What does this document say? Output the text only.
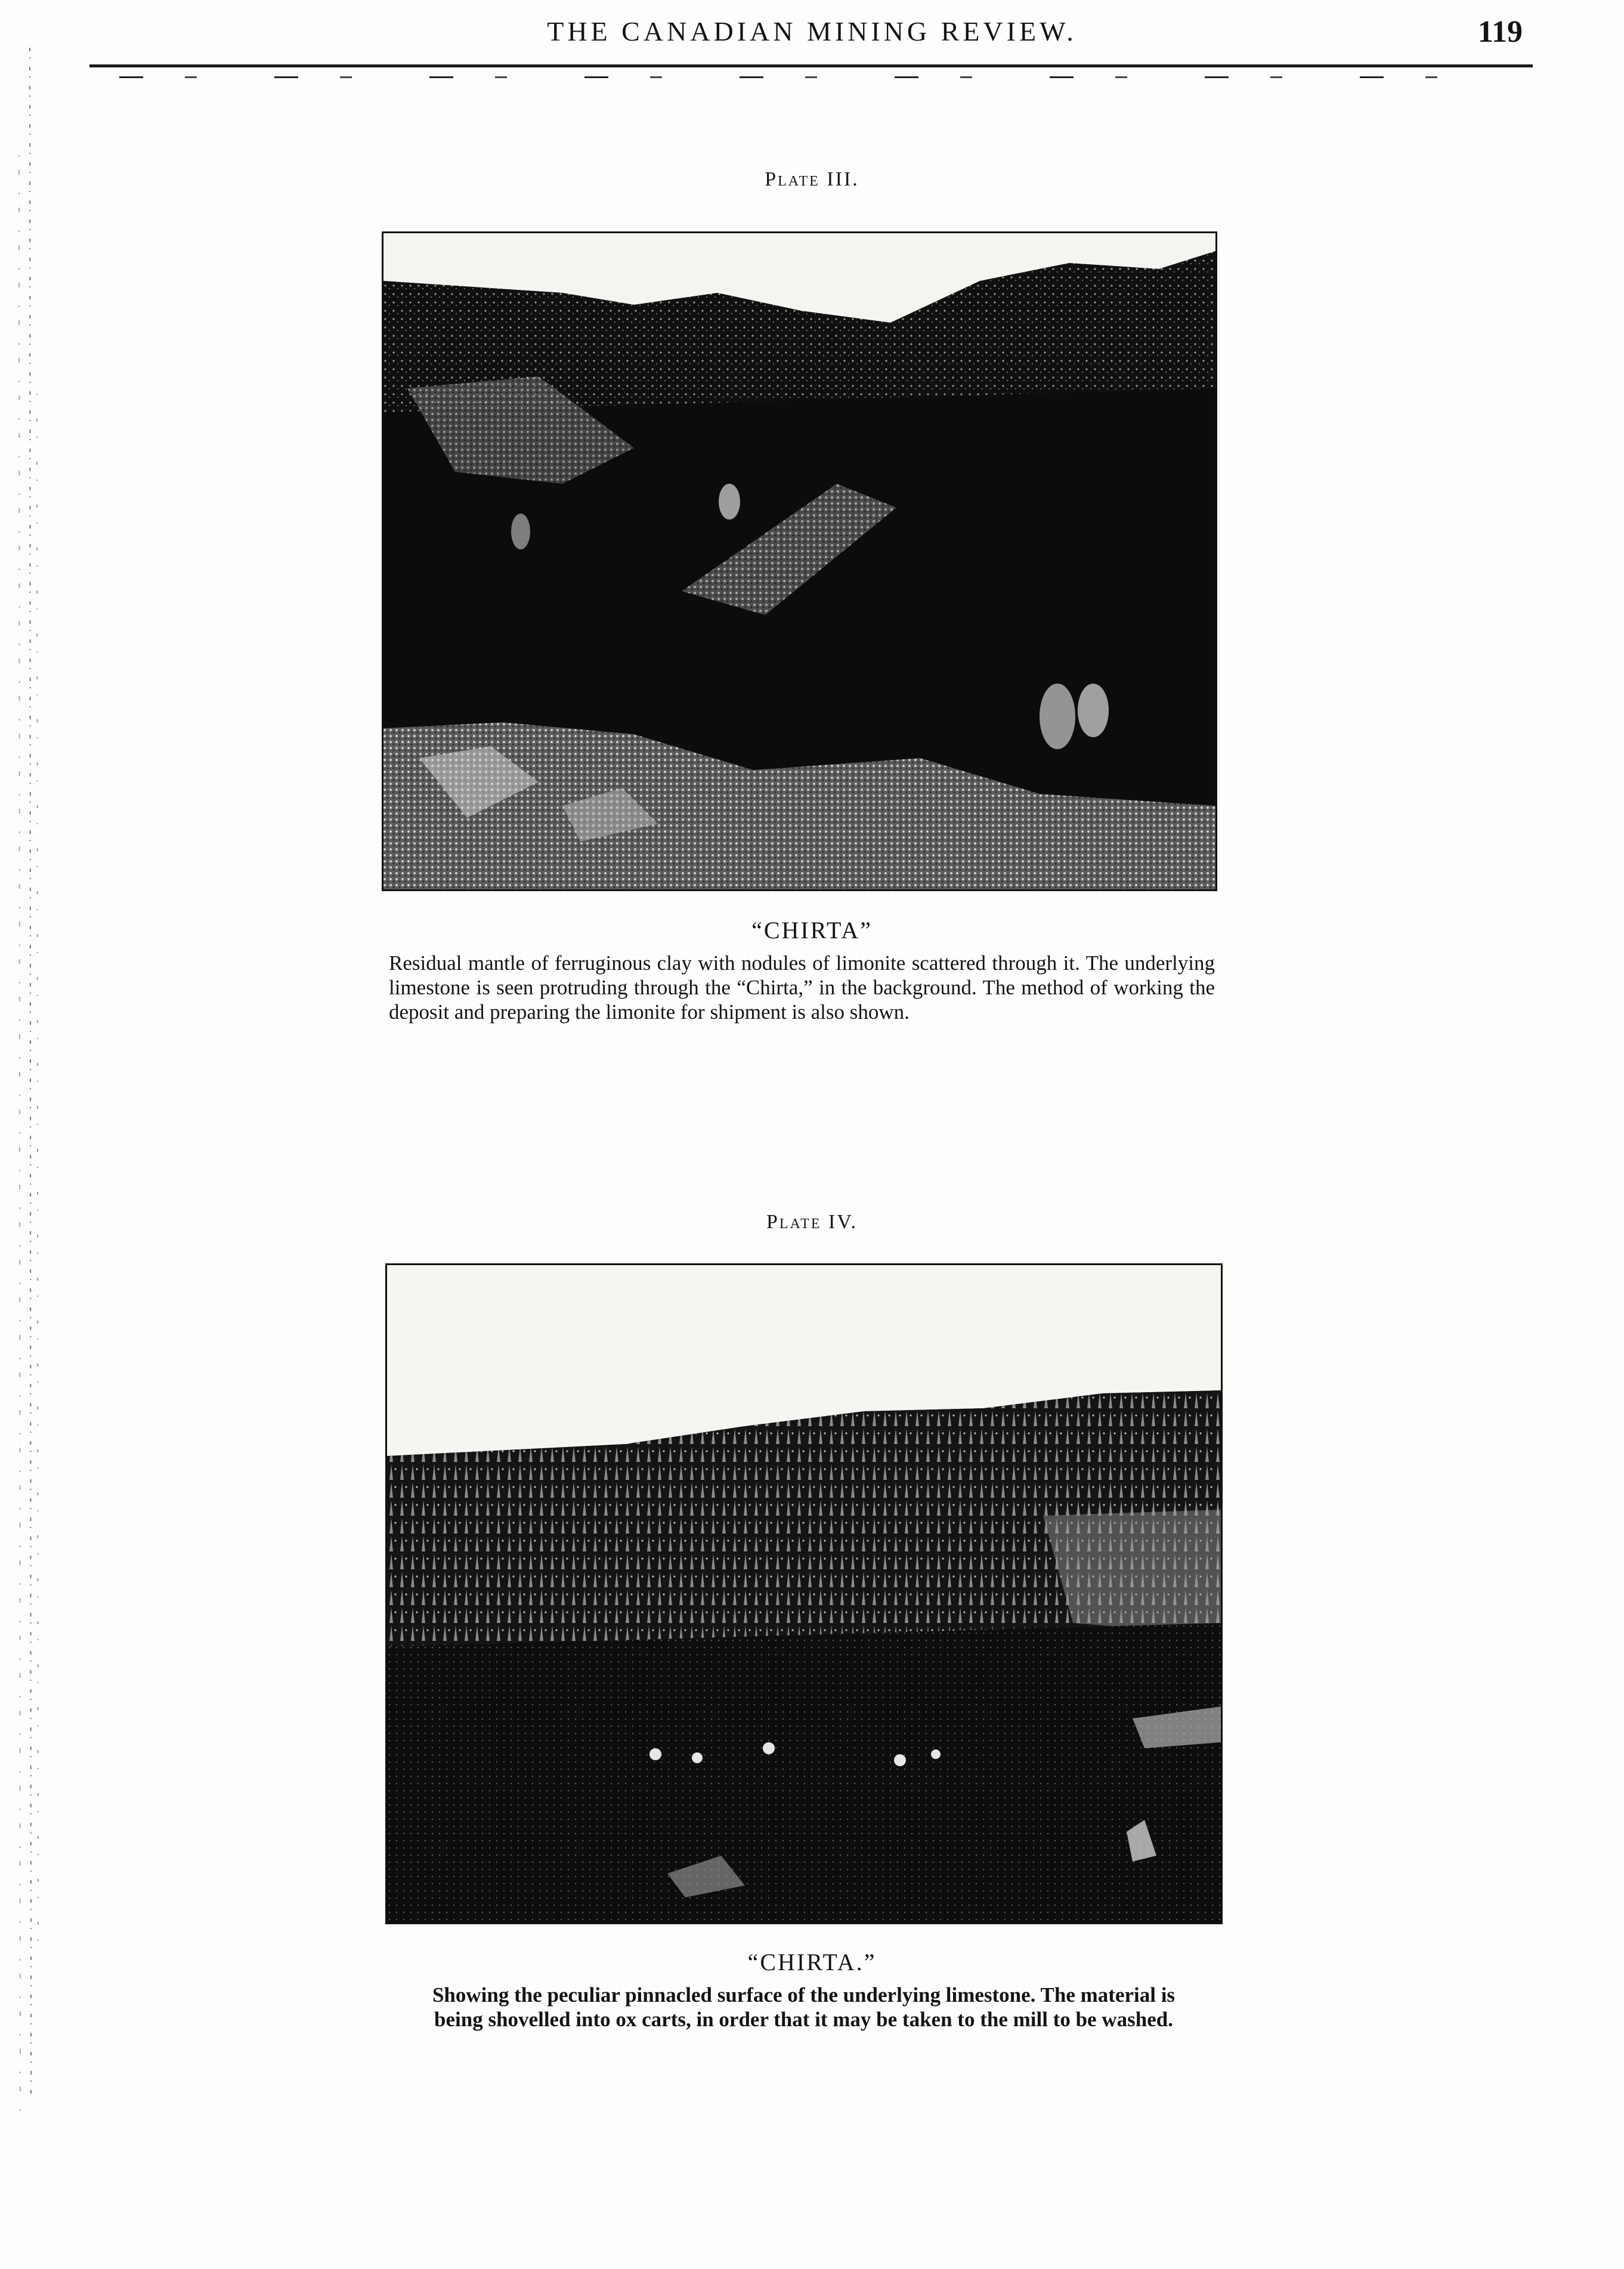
THE CANADIAN MINING REVIEW.	119
Plate III.
“CHIRTA”
Residual mantle of ferruginous clay with nodules of limonite scattered through it. The underlying limestone is seen protruding through the “Chirta,” in the background. The method of working the deposit and preparing the limonite for shipment is also shown.
Plate IV.
“CHIRTA.”
Showing the peculiar pinnacled surface of the underlying limestone. The material is being shovelled into ox carts, in order that it may be taken to the mill to be washed.
